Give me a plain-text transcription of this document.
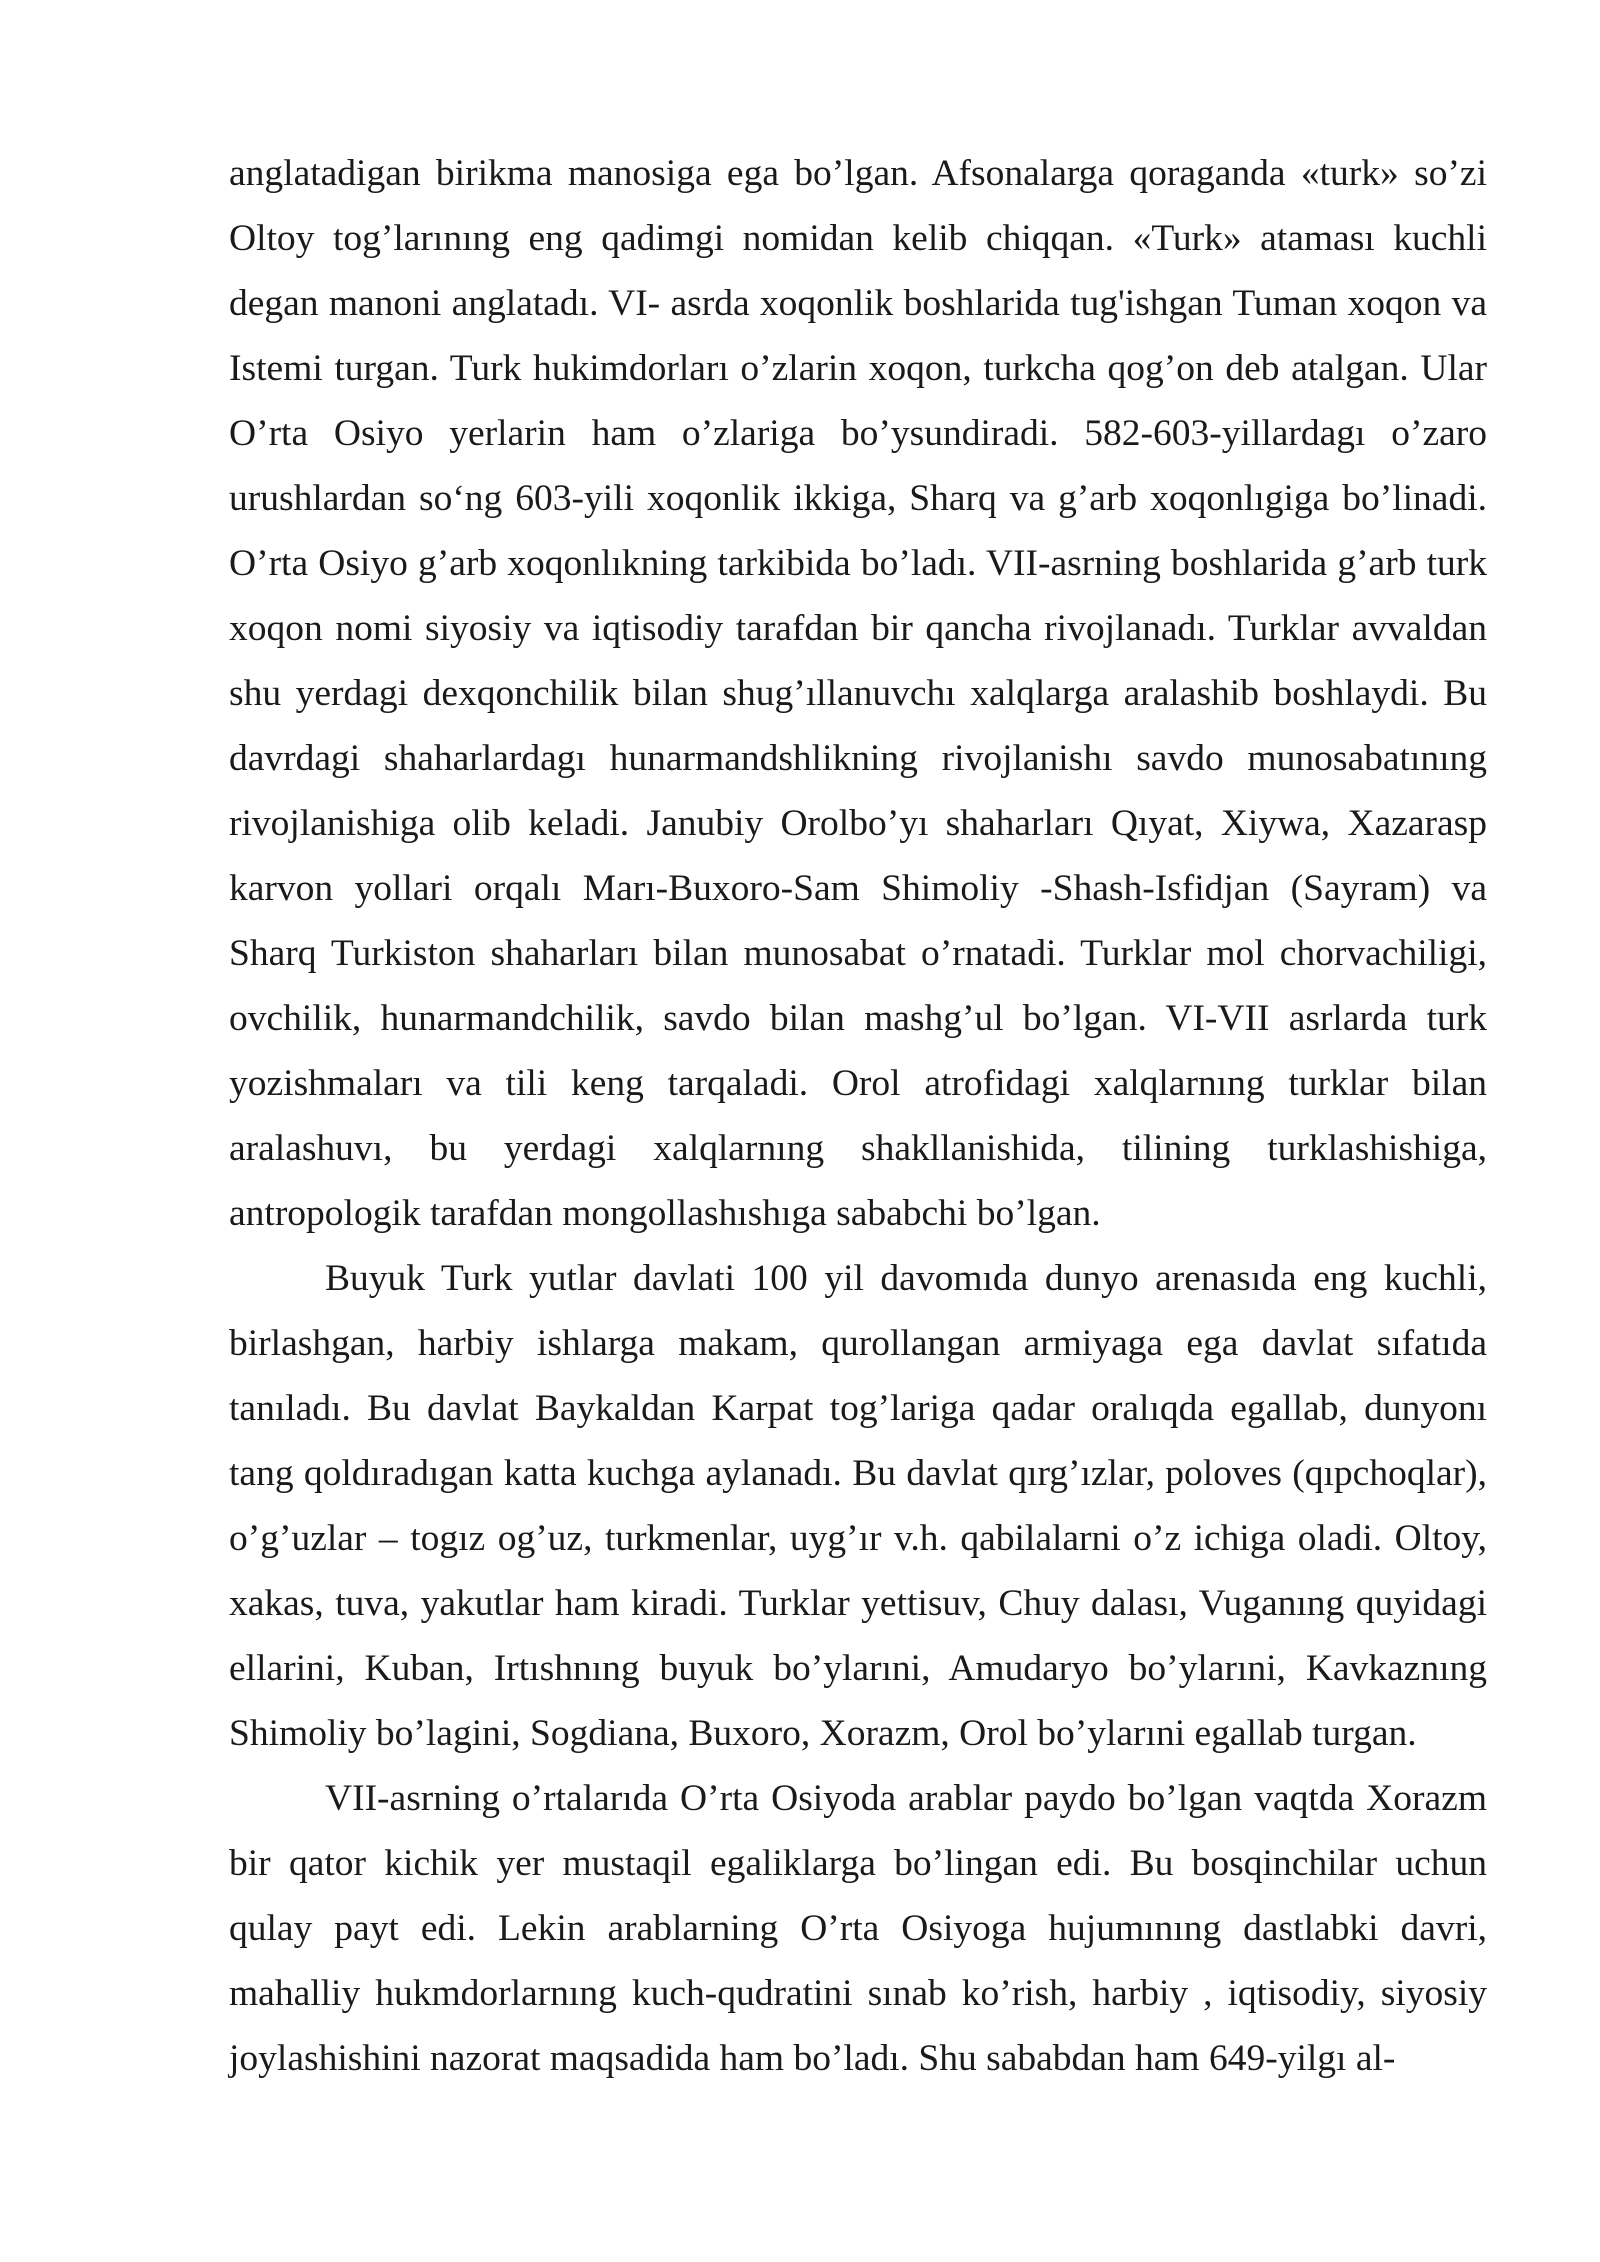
anglatadigan birikma manosiga ega bo’lgan. Afsonalarga qoraganda «turk» so’zi Oltoy tog’larınıng eng qadimgi nomidan kelib chiqqan. «Turk» ataması kuchli degan manoni anglatadı. VI- asrda xoqonlik boshlarida tug'ishgan Tuman xoqon va Istemi turgan. Turk hukimdorları o’zlarin xoqon, turkcha qog’on deb atalgan. Ular O’rta Osiyo yerlarin ham o’zlariga bo’ysundiradi. 582-603-yillardagı o’zaro urushlardan so‘ng 603-yili xoqonlik ikkiga, Sharq va g’arb xoqonlıgiga bo’linadi. O’rta Osiyo g’arb xoqonlıkning tarkibida bo’ladı. VII-asrning boshlarida g’arb turk xoqon nomi siyosiy va iqtisodiy tarafdan bir qancha rivojlanadı. Turklar avvaldan shu yerdagi dexqonchilik bilan shug’ıllanuvchı xalqlarga aralashib boshlaydi. Bu davrdagi shaharlardagı hunarmandshlikning rivojlanishı savdo munosabatınıng rivojlanishiga olib keladi. Janubiy Orolbo’yı shaharları Qıyat, Xiywa, Xazarasp karvon yollari orqalı Marı-Buxoro-Sam Shimoliy -Shash-Isfidjan (Sayram) va Sharq Turkiston shaharları bilan munosabat o’rnatadi. Turklar mol chorvachiligi, ovchilik, hunarmandchilik, savdo bilan mashg’ul bo’lgan. VI-VII asrlarda turk yozishmaları va tili keng tarqaladi. Orol atrofidagi xalqlarnıng turklar bilan aralashuvı, bu yerdagi xalqlarnıng shakllanishida, tilining turklashishiga, antropologik tarafdan mongollashıshıga sababchi bo’lgan.

Buyuk Turk yutlar davlati 100 yil davomıda dunyo arenasıda eng kuchli, birlashgan, harbiy ishlarga makam, qurollangan armiyaga ega davlat sıfatıda tanıladı. Bu davlat Baykaldan Karpat tog’lariga qadar oralıqda egallab, dunyonı tang qoldıradıgan katta kuchga aylanadı. Bu davlat qırg’ızlar, poloves (qıpchoqlar), o’g’uzlar – togız og’uz, turkmenlar, uyg’ır v.h. qabilalarni o’z ichiga oladi. Oltoy, xakas, tuva, yakutlar ham kiradi. Turklar yettisuv, Chuy dalası, Vuganıng quyidagi ellarini, Kuban, Irtıshnıng buyuk bo’ylarıni, Amudaryo bo’ylarıni, Kavkaznıng Shimoliy bo’lagini, Sogdiana, Buxoro, Xorazm, Orol bo’ylarıni egallab turgan.

VII-asrning o’rtalarıda O’rta Osiyoda arablar paydo bo’lgan vaqtda Xorazm bir qator kichik yer mustaqil egaliklarga bo’lingan edi. Bu bosqinchilar uchun qulay payt edi. Lekin arablarning O’rta Osiyoga hujumınıng dastlabki davri, mahalliy hukmdorlarnıng kuch-qudratini sınab ko’rish, harbiy , iqtisodiy, siyosiy joylashishini nazorat maqsadida ham bo’ladı. Shu sababdan ham 649-yilgı al-
